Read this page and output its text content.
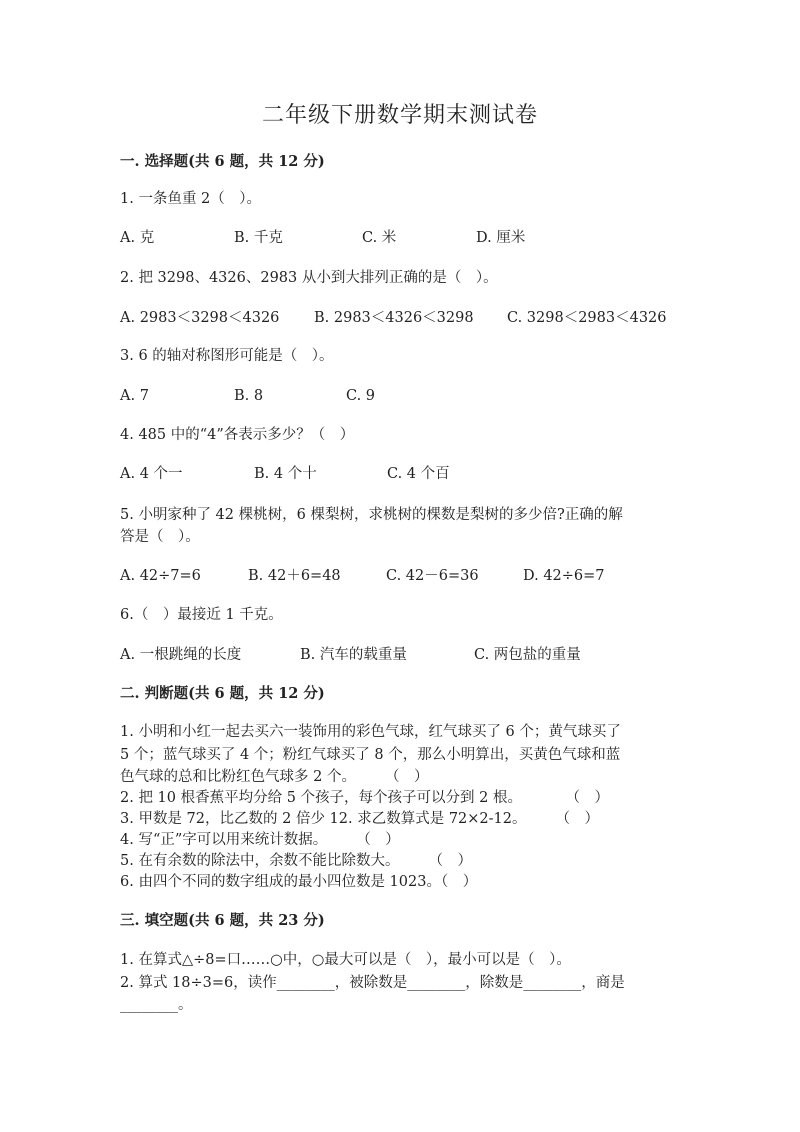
二年级下册数学期末测试卷
一. 选择题(共 6 题，共 12 分)
1. 一条鱼重 2（　）。
A. 克	B. 千克	C. 米	D. 厘米
2. 把 3298、4326、2983 从小到大排列正确的是（　）。
A. 2983＜3298＜4326 B. 2983＜4326＜3298 C. 3298＜2983＜4326
3. 6 的轴对称图形可能是（　）。
A. 7	B. 8	C. 9
4. 485 中的“4”各表示多少？（　）
A. 4 个一	B. 4 个十	C. 4 个百
5. 小明家种了 42 棵桃树，6 棵梨树，求桃树的棵数是梨树的多少倍?正确的解
答是（　）。
A. 42÷7=6	B. 42＋6=48	C. 42－6=36	D. 42÷6=7
6.（　）最接近 1 千克。
A. 一根跳绳的长度	B. 汽车的载重量	C. 两包盐的重量
二. 判断题(共 6 题，共 12 分)
1. 小明和小红一起去买六一装饰用的彩色气球，红气球买了 6 个；黄气球买了
5 个；蓝气球买了 4 个；粉红气球买了 8 个，那么小明算出，买黄色气球和蓝
色气球的总和比粉红色气球多 2 个。　　　（　）
2. 把 10 根香蕉平均分给 5 个孩子，每个孩子可以分到 2 根。　　　　（　）
3. 甲数是 72，比乙数的 2 倍少 12. 求乙数算式是 72×2-12。　　　（　）
4. 写“正”字可以用来统计数据。　　　（　）
5. 在有余数的除法中，余数不能比除数大。　　　（　）
6. 由四个不同的数字组成的最小四位数是 1023。（　）
三. 填空题(共 6 题，共 23 分)
1. 在算式△÷8=口……○中，○最大可以是（　），最小可以是（　）。
2. 算式 18÷3=6，读作________，被除数是________，除数是________，商是
________。
